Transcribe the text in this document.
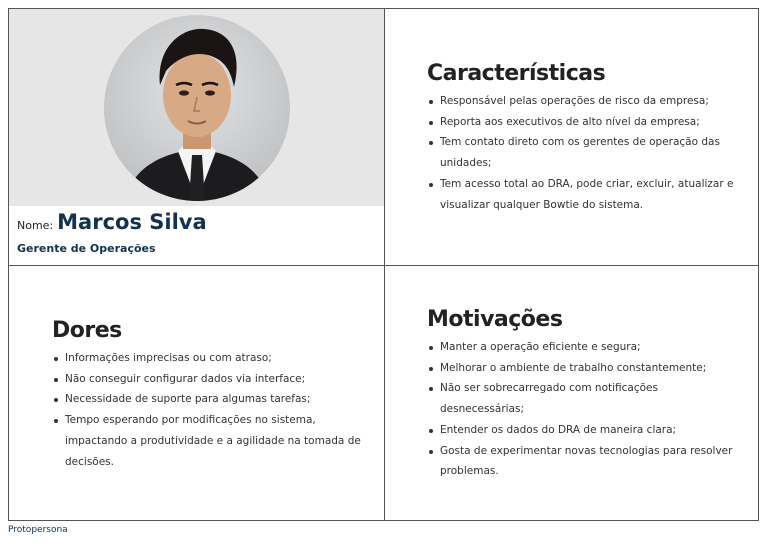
Nome: Marcos Silva
Gerente de Operações
Características
Responsável pelas operações de risco da empresa;
Reporta aos executivos de alto nível da empresa;
Tem contato direto com os gerentes de operação das
unidades;
Tem acesso total ao DRA, pode criar, excluir, atualizar e
visualizar qualquer Bowtie do sistema.
Dores
Informações imprecisas ou com atraso;
Não conseguir configurar dados via interface;
Necessidade de suporte para algumas tarefas;
Tempo esperando por modificações no sistema,
impactando a produtividade e a agilidade na tomada de
decisões.
Motivações
Manter a operação eficiente e segura;
Melhorar o ambiente de trabalho constantemente;
Não ser sobrecarregado com notificações
desnecessárias;
Entender os dados do DRA de maneira clara;
Gosta de experimentar novas tecnologias para resolver
problemas.
Protopersona
